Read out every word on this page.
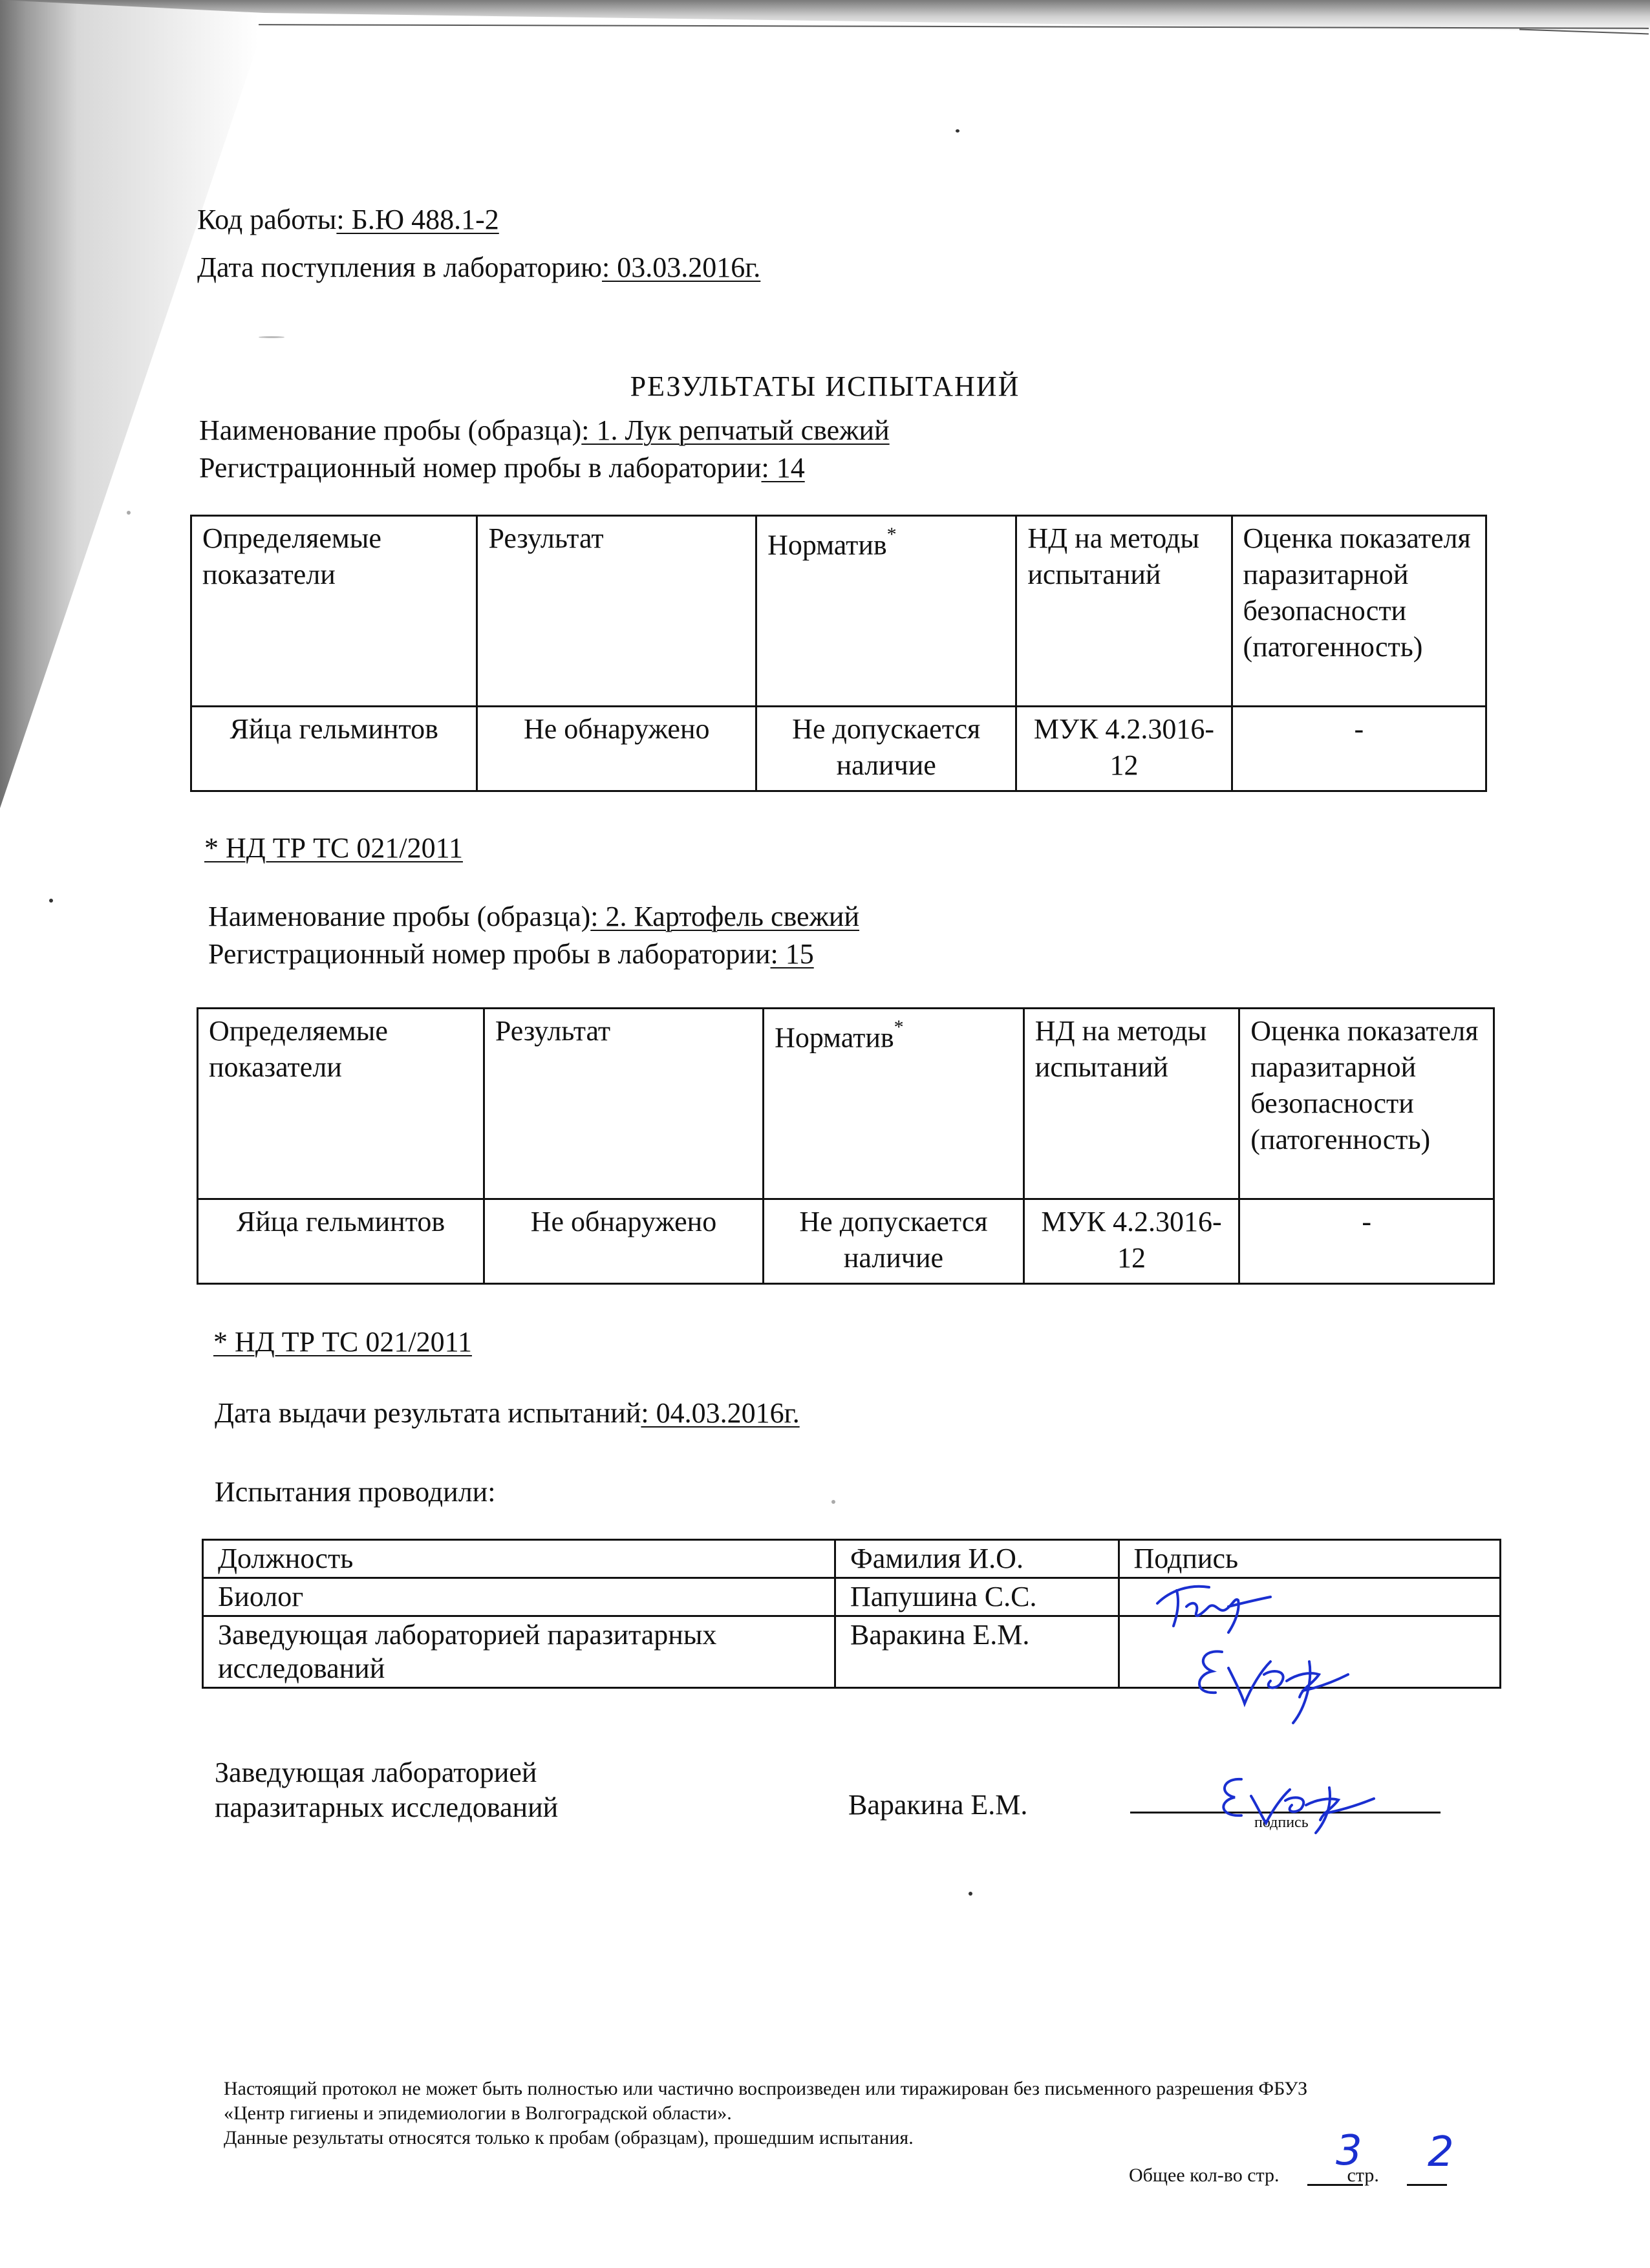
Код работы: Б.Ю 488.1-2
Дата поступления в лабораторию: 03.03.2016г.
РЕЗУЛЬТАТЫ ИСПЫТАНИЙ
Наименование пробы (образца): 1. Лук репчатый свежий
Регистрационный номер пробы в лаборатории: 14
Определяемые показатели	Результат	Норматив*	НД на методы испытаний	Оценка показателя паразитарной безопасности (патогенность)
Яйца гельминтов	Не обнаружено	Не допускается наличие	МУК 4.2.3016-12	-
* НД ТР ТС 021/2011
Наименование пробы (образца): 2. Картофель свежий
Регистрационный номер пробы в лаборатории: 15
Определяемые показатели	Результат	Норматив*	НД на методы испытаний	Оценка показателя паразитарной безопасности (патогенность)
Яйца гельминтов	Не обнаружено	Не допускается наличие	МУК 4.2.3016-12	-
* НД ТР ТС 021/2011
Дата выдачи результата испытаний: 04.03.2016г.
Испытания проводили:
Должность	Фамилия И.О.	Подпись
Биолог	Папушина С.С.	
Заведующая лабораторией паразитарных исследований	Варакина Е.М.	
Заведующая лабораторией
паразитарных исследований	Варакина Е.М.
подпись
Настоящий протокол не может быть полностью или частично воспроизведен или тиражирован без письменного разрешения ФБУЗ
«Центр гигиены и эпидемиологии в Волгоградской области».
Данные результаты относятся только к пробам (образцам), прошедшим испытания.
Общее кол-во стр.	стр.
3 2
